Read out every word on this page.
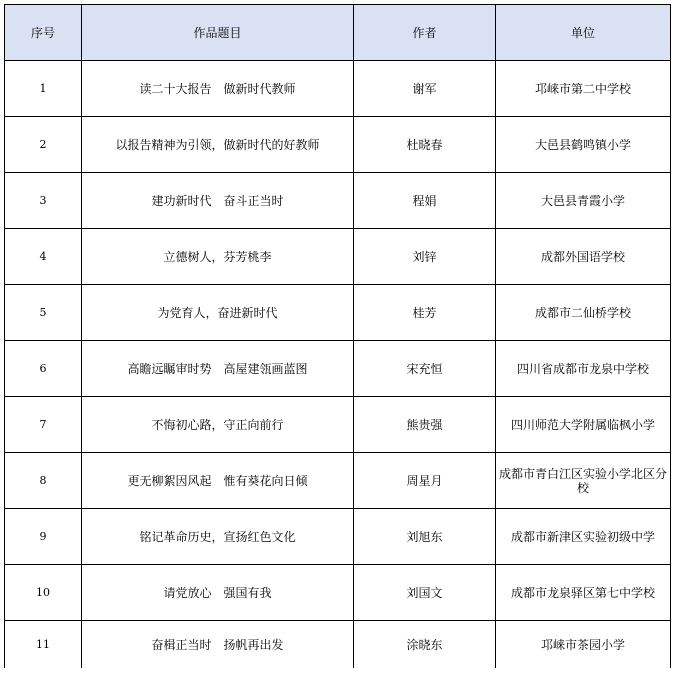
序号	作品题目	作者	单位
1	读二十大报告　做新时代教师	谢军	邛崃市第二中学校
2	以报告精神为引领，做新时代的好教师	杜晓春	大邑县鹤鸣镇小学
3	建功新时代　奋斗正当时	程娟	大邑县青霞小学
4	立德树人，芬芳桃李	刘锌	成都外国语学校
5	为党育人，奋进新时代	桂芳	成都市二仙桥学校
6	高瞻远瞩审时势　高屋建瓴画蓝图	宋充恒	四川省成都市龙泉中学校
7	不悔初心路，守正向前行	熊贵强	四川师范大学附属临枫小学
8	更无柳絮因风起　惟有葵花向日倾	周星月	成都市青白江区实验小学北区分校
9	铭记革命历史，宣扬红色文化	刘旭东	成都市新津区实验初级中学
10	请党放心　强国有我	刘国文	成都市龙泉驿区第七中学校
11	奋楫正当时　扬帆再出发	涂晓东	邛崃市茶园小学
